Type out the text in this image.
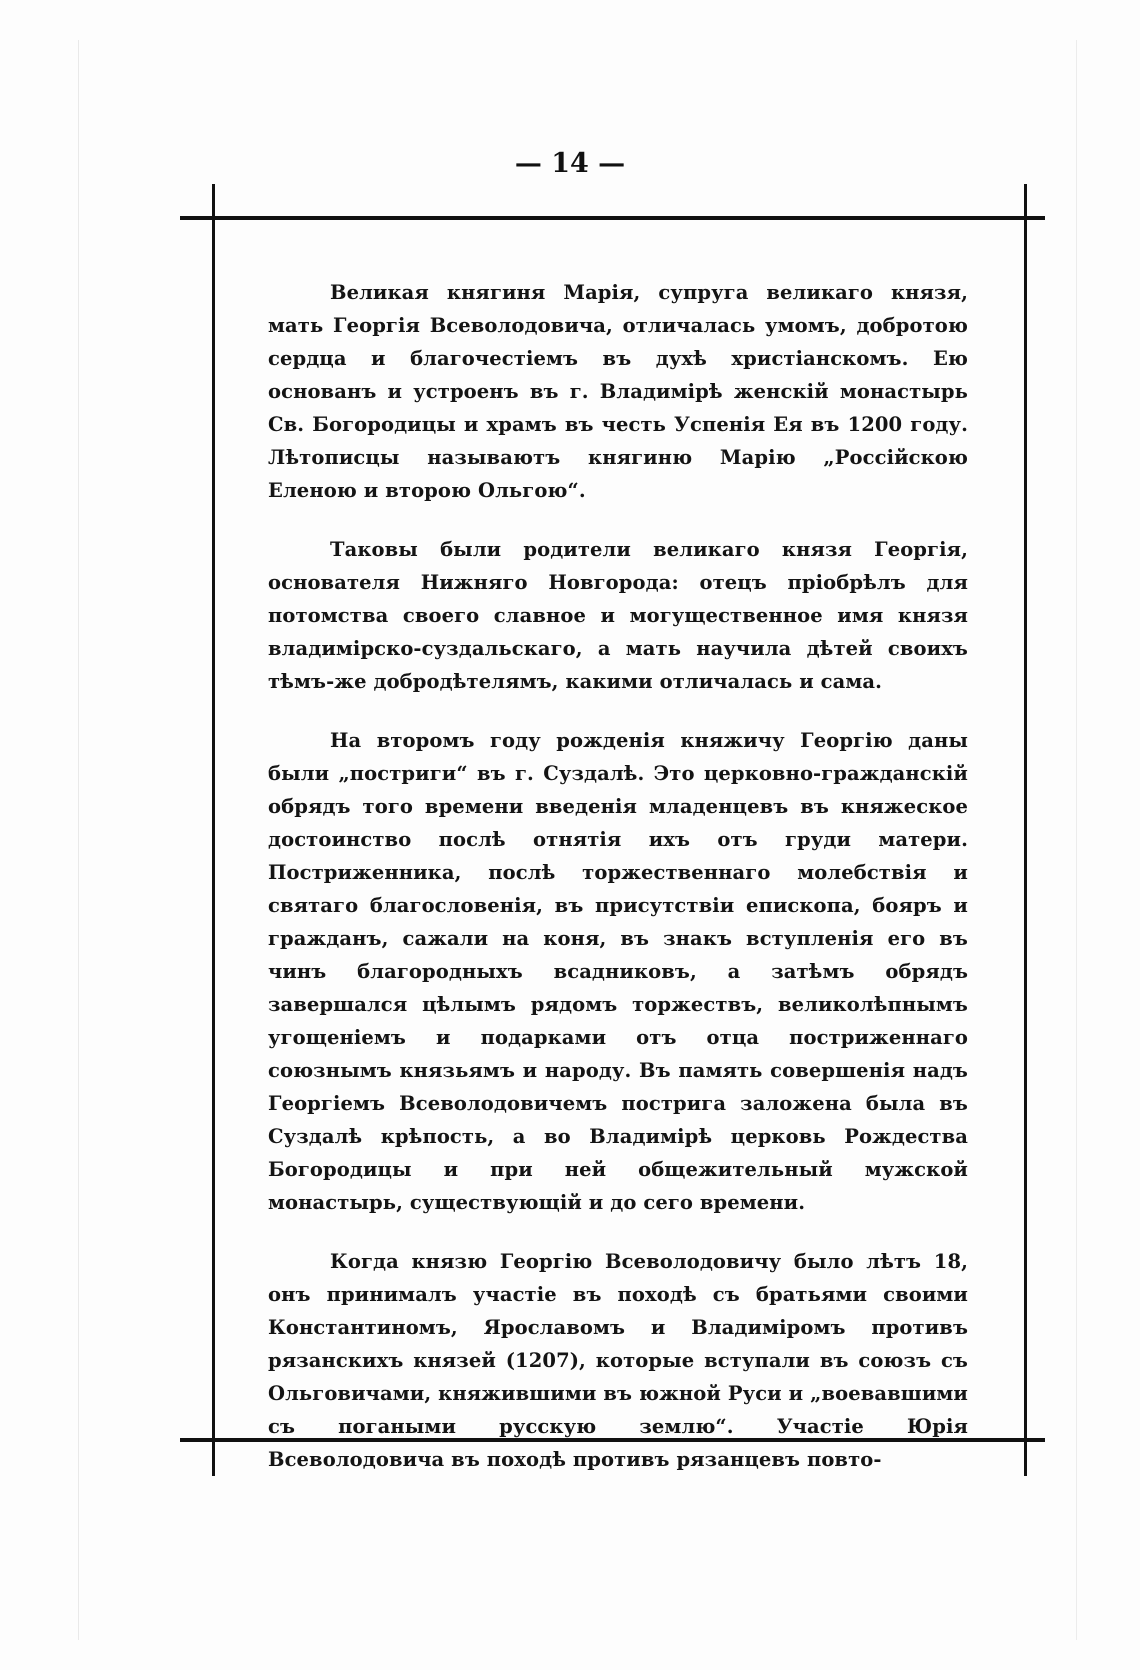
— 14 —

Великая княгиня Марія, супруга великаго князя, мать Георгія Всеволодовича, отличалась умомъ, добротою сердца и благочестіемъ въ духѣ христіанскомъ. Ею основанъ и устроенъ въ г. Владимірѣ женскій монастырь Св. Богородицы и храмъ въ честь Успенія Ея въ 1200 году. Лѣтописцы называютъ княгиню Марію „Россійскою Еленою и второю Ольгою“.

Таковы были родители великаго князя Георгія, основателя Нижняго Новгорода: отецъ пріобрѣлъ для потомства своего славное и могущественное имя князя владимірско-суздальскаго, а мать научила дѣтей своихъ тѣмъ-же добродѣтелямъ, какими отличалась и сама.

На второмъ году рожденія княжичу Георгію даны были „постриги“ въ г. Суздалѣ. Это церковно-гражданскій обрядъ того времени введенія младенцевъ въ княжеское достоинство послѣ отнятія ихъ отъ груди матери. Постриженника, послѣ торжественнаго молебствія и святаго благословенія, въ присутствіи епископа, бояръ и гражданъ, сажали на коня, въ знакъ вступленія его въ чинъ благородныхъ всадниковъ, а затѣмъ обрядъ завершался цѣлымъ рядомъ торжествъ, великолѣпнымъ угощеніемъ и подарками отъ отца постриженнаго союзнымъ князьямъ и народу. Въ память совершенія надъ Георгіемъ Всеволодовичемъ пострига заложена была въ Суздалѣ крѣпость, а во Владимірѣ церковь Рождества Богородицы и при ней общежительный мужской монастырь, существующій и до сего времени.

Когда князю Георгію Всеволодовичу было лѣтъ 18, онъ принималъ участіе въ походѣ съ братьями своими Константиномъ, Ярославомъ и Владиміромъ противъ рязанскихъ князей (1207), которые вступали въ союзъ съ Ольговичами, княжившими въ южной Руси и „воевавшими съ погаными русскую землю“. Участіе Юрія Всеволодовича въ походѣ противъ рязанцевъ повто-
